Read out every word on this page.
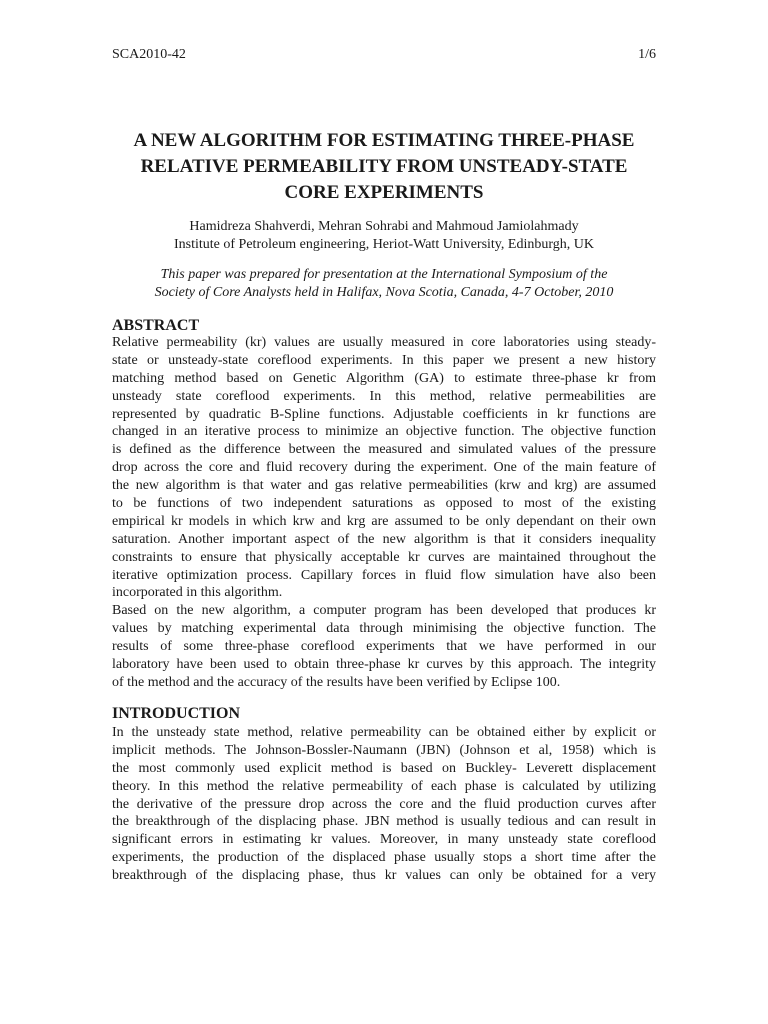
SCA2010-42	1/6
A NEW ALGORITHM FOR ESTIMATING THREE-PHASE
RELATIVE PERMEABILITY FROM UNSTEADY-STATE
CORE EXPERIMENTS
Hamidreza Shahverdi, Mehran Sohrabi and Mahmoud Jamiolahmady
Institute of Petroleum engineering, Heriot-Watt University, Edinburgh, UK
This paper was prepared for presentation at the International Symposium of the
Society of Core Analysts held in Halifax, Nova Scotia, Canada, 4-7 October, 2010
ABSTRACT

Relative permeability (kr) values are usually measured in core laboratories using steady-
state or unsteady-state coreflood experiments. In this paper we present a new history
matching method based on Genetic Algorithm (GA) to estimate three-phase kr from
unsteady state coreflood experiments. In this method, relative permeabilities are
represented by quadratic B-Spline functions. Adjustable coefficients in kr functions are
changed in an iterative process to minimize an objective function. The objective function
is defined as the difference between the measured and simulated values of the pressure
drop across the core and fluid recovery during the experiment. One of the main feature of
the new algorithm is that water and gas relative permeabilities (krw and krg) are assumed
to be functions of two independent saturations as opposed to most of the existing
empirical kr models in which krw and krg are assumed to be only dependant on their own
saturation. Another important aspect of the new algorithm is that it considers inequality
constraints to ensure that physically acceptable kr curves are maintained throughout the
iterative optimization process. Capillary forces in fluid flow simulation have also been
incorporated in this algorithm.

Based on the new algorithm, a computer program has been developed that produces kr
values by matching experimental data through minimising the objective function. The
results of some three-phase coreflood experiments that we have performed in our
laboratory have been used to obtain three-phase kr curves by this approach. The integrity
of the method and the accuracy of the results have been verified by Eclipse 100.

INTRODUCTION

In the unsteady state method, relative permeability can be obtained either by explicit or
implicit methods. The Johnson-Bossler-Naumann (JBN) (Johnson et al, 1958) which is
the most commonly used explicit method is based on Buckley- Leverett displacement
theory. In this method the relative permeability of each phase is calculated by utilizing
the derivative of the pressure drop across the core and the fluid production curves after
the breakthrough of the displacing phase. JBN method is usually tedious and can result in
significant errors in estimating kr values. Moreover, in many unsteady state coreflood
experiments, the production of the displaced phase usually stops a short time after the
breakthrough of the displacing phase, thus kr values can only be obtained for a very
